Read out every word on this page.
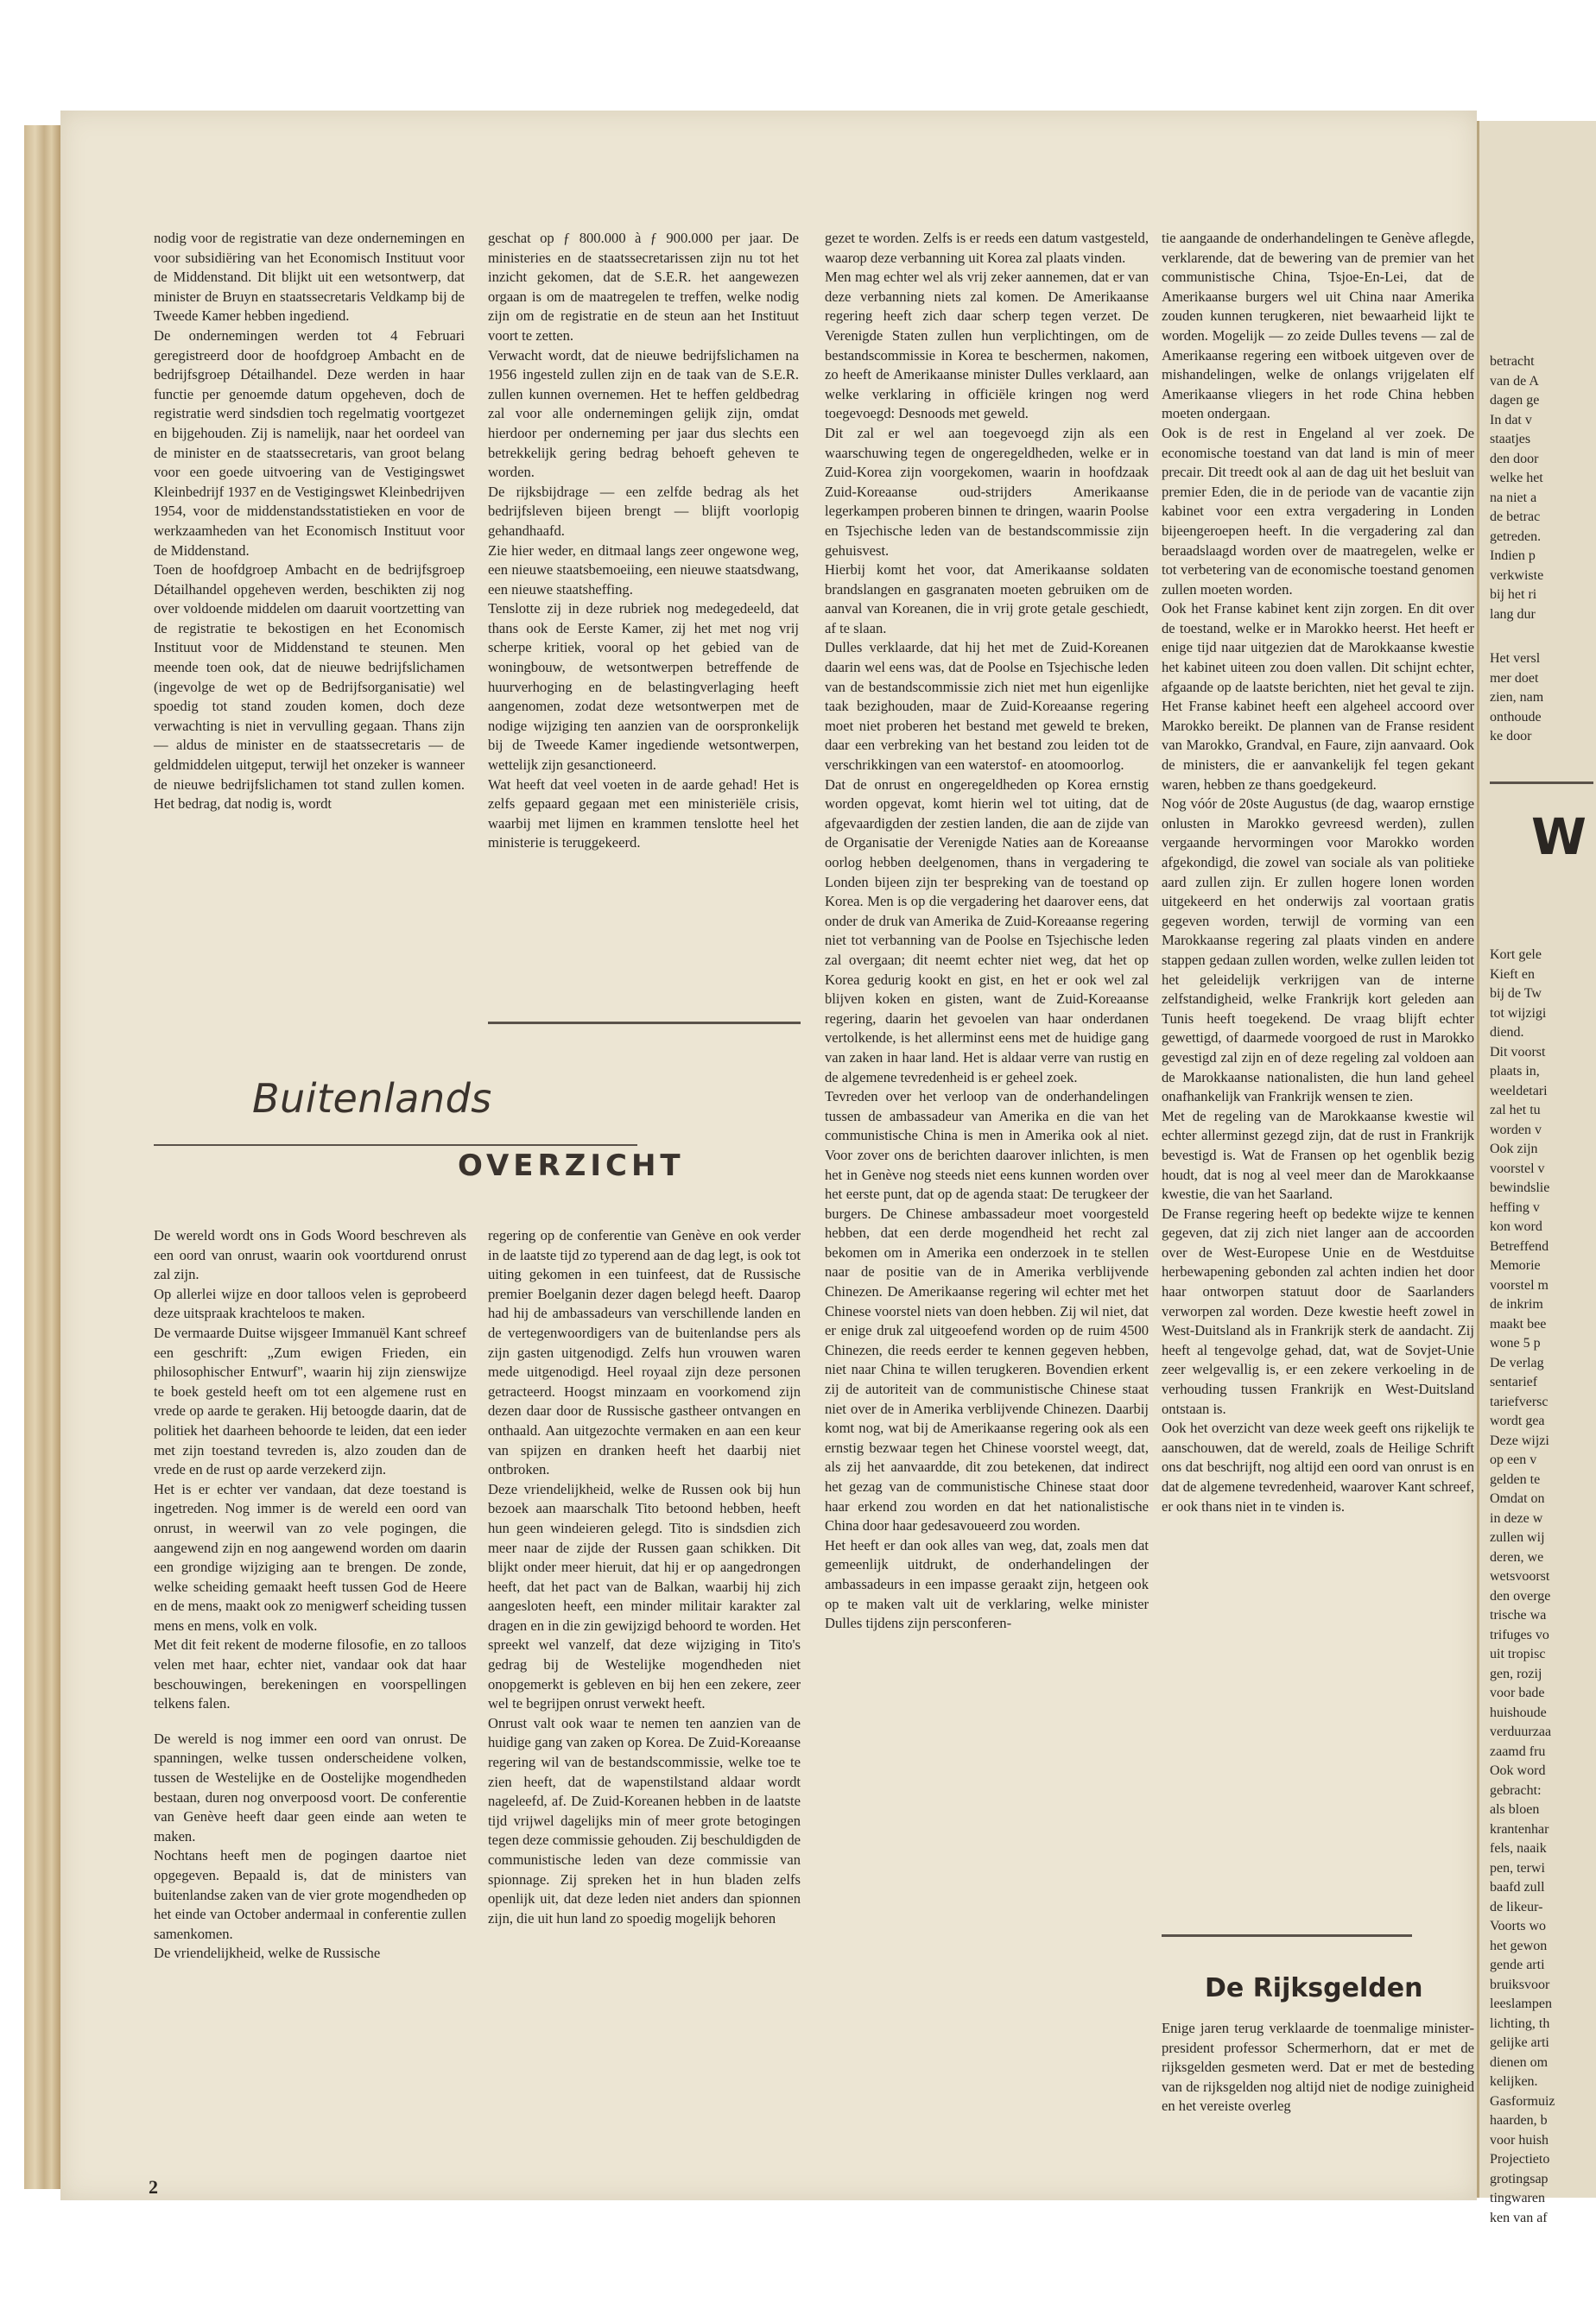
nodig voor de registratie van deze ondernemingen en voor subsidiëring van het Economisch Instituut voor de Middenstand. Dit blijkt uit een wetsontwerp, dat minister de Bruyn en staatssecretaris Veldkamp bij de Tweede Kamer hebben ingediend.

De ondernemingen werden tot 4 Februari geregistreerd door de hoofdgroep Ambacht en de bedrijfsgroep Détailhandel. Deze werden in haar functie per genoemde datum opgeheven, doch de registratie werd sindsdien toch regelmatig voortgezet en bijgehouden. Zij is namelijk, naar het oordeel van de minister en de staatssecretaris, van groot belang voor een goede uitvoering van de Vestigingswet Kleinbedrijf 1937 en de Vestigingswet Kleinbedrijven 1954, voor de middenstandsstatistieken en voor de werkzaamheden van het Economisch Instituut voor de Middenstand.

Toen de hoofdgroep Ambacht en de bedrijfsgroep Détailhandel opgeheven werden, beschikten zij nog over voldoende middelen om daaruit voortzetting van de registratie te bekostigen en het Economisch Instituut voor de Middenstand te steunen. Men meende toen ook, dat de nieuwe bedrijfslichamen (ingevolge de wet op de Bedrijfsorganisatie) wel spoedig tot stand zouden komen, doch deze verwachting is niet in vervulling gegaan. Thans zijn — aldus de minister en de staatssecretaris — de geldmiddelen uitgeput, terwijl het onzeker is wanneer de nieuwe bedrijfslichamen tot stand zullen komen. Het bedrag, dat nodig is, wordt

geschat op ƒ 800.000 à ƒ 900.000 per jaar. De ministeries en de staatssecretarissen zijn nu tot het inzicht gekomen, dat de S.E.R. het aangewezen orgaan is om de maatregelen te treffen, welke nodig zijn om de registratie en de steun aan het Instituut voort te zetten.

Verwacht wordt, dat de nieuwe bedrijfslichamen na 1956 ingesteld zullen zijn en de taak van de S.E.R. zullen kunnen overnemen. Het te heffen geldbedrag zal voor alle ondernemingen gelijk zijn, omdat hierdoor per onderneming per jaar dus slechts een betrekkelijk gering bedrag behoeft geheven te worden.

De rijksbijdrage — een zelfde bedrag als het bedrijfsleven bijeen brengt — blijft voorlopig gehandhaafd.

Zie hier weder, en ditmaal langs zeer ongewone weg, een nieuwe staatsbemoeiing, een nieuwe staatsdwang, een nieuwe staatsheffing.

Tenslotte zij in deze rubriek nog medegedeeld, dat thans ook de Eerste Kamer, zij het met nog vrij scherpe kritiek, vooral op het gebied van de woningbouw, de wetsontwerpen betreffende de huurverhoging en de belastingverlaging heeft aangenomen, zodat deze wetsontwerpen met de nodige wijziging ten aanzien van de oorspronkelijk bij de Tweede Kamer ingediende wetsontwerpen, wettelijk zijn gesanctioneerd.

Wat heeft dat veel voeten in de aarde gehad! Het is zelfs gepaard gegaan met een ministeriële crisis, waarbij met lijmen en krammen tenslotte heel het ministerie is teruggekeerd.

gezet te worden. Zelfs is er reeds een datum vastgesteld, waarop deze verbanning uit Korea zal plaats vinden.

Men mag echter wel als vrij zeker aannemen, dat er van deze verbanning niets zal komen. De Amerikaanse regering heeft zich daar scherp tegen verzet. De Verenigde Staten zullen hun verplichtingen, om de bestandscommissie in Korea te beschermen, nakomen, zo heeft de Amerikaanse minister Dulles verklaard, aan welke verklaring in officiële kringen nog werd toegevoegd: Desnoods met geweld.

Dit zal er wel aan toegevoegd zijn als een waarschuwing tegen de ongeregeldheden, welke er in Zuid-Korea zijn voorgekomen, waarin in hoofdzaak Zuid-Koreaanse oud-strijders Amerikaanse legerkampen proberen binnen te dringen, waarin Poolse en Tsjechische leden van de bestandscommissie zijn gehuisvest.

Hierbij komt het voor, dat Amerikaanse soldaten brandslangen en gasgranaten moeten gebruiken om de aanval van Koreanen, die in vrij grote getale geschiedt, af te slaan.

Dulles verklaarde, dat hij het met de Zuid-Koreanen daarin wel eens was, dat de Poolse en Tsjechische leden van de bestandscommissie zich niet met hun eigenlijke taak bezighouden, maar de Zuid-Koreaanse regering moet niet proberen het bestand met geweld te breken, daar een verbreking van het bestand zou leiden tot de verschrikkingen van een waterstof- en atoomoorlog.

Dat de onrust en ongeregeldheden op Korea ernstig worden opgevat, komt hierin wel tot uiting, dat de afgevaardigden der zestien landen, die aan de zijde van de Organisatie der Verenigde Naties aan de Koreaanse oorlog hebben deelgenomen, thans in vergadering te Londen bijeen zijn ter bespreking van de toestand op Korea. Men is op die vergadering het daarover eens, dat onder de druk van Amerika de Zuid-Koreaanse regering niet tot verbanning van de Poolse en Tsjechische leden zal overgaan; dit neemt echter niet weg, dat het op Korea gedurig kookt en gist, en het er ook wel zal blijven koken en gisten, want de Zuid-Koreaanse regering, daarin het gevoelen van haar onderdanen vertolkende, is het allerminst eens met de huidige gang van zaken in haar land. Het is aldaar verre van rustig en de algemene tevredenheid is er geheel zoek.

Tevreden over het verloop van de onderhandelingen tussen de ambassadeur van Amerika en die van het communistische China is men in Amerika ook al niet. Voor zover ons de berichten daarover inlichten, is men het in Genève nog steeds niet eens kunnen worden over het eerste punt, dat op de agenda staat: De terugkeer der burgers. De Chinese ambassadeur moet voorgesteld hebben, dat een derde mogendheid het recht zal bekomen om in Amerika een onderzoek in te stellen naar de positie van de in Amerika verblijvende Chinezen. De Amerikaanse regering wil echter met het Chinese voorstel niets van doen hebben. Zij wil niet, dat er enige druk zal uitgeoefend worden op de ruim 4500 Chinezen, die reeds eerder te kennen gegeven hebben, niet naar China te willen terugkeren. Bovendien erkent zij de autoriteit van de communistische Chinese staat niet over de in Amerika verblijvende Chinezen. Daarbij komt nog, wat bij de Amerikaanse regering ook als een ernstig bezwaar tegen het Chinese voorstel weegt, dat, als zij het aanvaardde, dit zou betekenen, dat indirect het gezag van de communistische Chinese staat door haar erkend zou worden en dat het nationalistische China door haar gedesavoueerd zou worden.

Het heeft er dan ook alles van weg, dat, zoals men dat gemeenlijk uitdrukt, de onderhandelingen der ambassadeurs in een impasse geraakt zijn, hetgeen ook op te maken valt uit de verklaring, welke minister Dulles tijdens zijn persconferen-

tie aangaande de onderhandelingen te Genève aflegde, verklarende, dat de bewering van de premier van het communistische China, Tsjoe-En-Lei, dat de Amerikaanse burgers wel uit China naar Amerika zouden kunnen terugkeren, niet bewaarheid lijkt te worden. Mogelijk — zo zeide Dulles tevens — zal de Amerikaanse regering een witboek uitgeven over de mishandelingen, welke de onlangs vrijgelaten elf Amerikaanse vliegers in het rode China hebben moeten ondergaan.

Ook is de rest in Engeland al ver zoek. De economische toestand van dat land is min of meer precair. Dit treedt ook al aan de dag uit het besluit van premier Eden, die in de periode van de vacantie zijn kabinet voor een extra vergadering in Londen bijeengeroepen heeft. In die vergadering zal dan beraadslaagd worden over de maatregelen, welke er tot verbetering van de economische toestand genomen zullen moeten worden.

Ook het Franse kabinet kent zijn zorgen. En dit over de toestand, welke er in Marokko heerst. Het heeft er enige tijd naar uitgezien dat de Marokkaanse kwestie het kabinet uiteen zou doen vallen. Dit schijnt echter, afgaande op de laatste berichten, niet het geval te zijn. Het Franse kabinet heeft een algeheel accoord over Marokko bereikt. De plannen van de Franse resident van Marokko, Grandval, en Faure, zijn aanvaard. Ook de ministers, die er aanvankelijk fel tegen gekant waren, hebben ze thans goedgekeurd.

Nog vóór de 20ste Augustus (de dag, waarop ernstige onlusten in Marokko gevreesd werden), zullen vergaande hervormingen voor Marokko worden afgekondigd, die zowel van sociale als van politieke aard zullen zijn. Er zullen hogere lonen worden uitgekeerd en het onderwijs zal voortaan gratis gegeven worden, terwijl de vorming van een Marokkaanse regering zal plaats vinden en andere stappen gedaan zullen worden, welke zullen leiden tot het geleidelijk verkrijgen van de interne zelfstandigheid, welke Frankrijk kort geleden aan Tunis heeft toegekend. De vraag blijft echter gewettigd, of daarmede voorgoed de rust in Marokko gevestigd zal zijn en of deze regeling zal voldoen aan de Marokkaanse nationalisten, die hun land geheel onafhankelijk van Frankrijk wensen te zien.

Met de regeling van de Marokkaanse kwestie wil echter allerminst gezegd zijn, dat de rust in Frankrijk bevestigd is. Wat de Fransen op het ogenblik bezig houdt, dat is nog al veel meer dan de Marokkaanse kwestie, die van het Saarland.

De Franse regering heeft op bedekte wijze te kennen gegeven, dat zij zich niet langer aan de accoorden over de West-Europese Unie en de Westduitse herbewapening gebonden zal achten indien het door haar ontworpen statuut door de Saarlanders verworpen zal worden. Deze kwestie heeft zowel in West-Duitsland als in Frankrijk sterk de aandacht. Zij heeft al tengevolge gehad, dat, wat de Sovjet-Unie zeer welgevallig is, er een zekere verkoeling in de verhouding tussen Frankrijk en West-Duitsland ontstaan is.

Ook het overzicht van deze week geeft ons rijkelijk te aanschouwen, dat de wereld, zoals de Heilige Schrift ons dat beschrijft, nog altijd een oord van onrust is en dat de algemene tevredenheid, waarover Kant schreef, er ook thans niet in te vinden is.

Buitenlands
OVERZICHT

De wereld wordt ons in Gods Woord beschreven als een oord van onrust, waarin ook voortdurend onrust zal zijn.

Op allerlei wijze en door talloos velen is geprobeerd deze uitspraak krachteloos te maken.

De vermaarde Duitse wijsgeer Immanuël Kant schreef een geschrift: „Zum ewigen Frieden, ein philosophischer Entwurf", waarin hij zijn zienswijze te boek gesteld heeft om tot een algemene rust en vrede op aarde te geraken. Hij betoogde daarin, dat de politiek het daarheen behoorde te leiden, dat een ieder met zijn toestand tevreden is, alzo zouden dan de vrede en de rust op aarde verzekerd zijn.

Het is er echter ver vandaan, dat deze toestand is ingetreden. Nog immer is de wereld een oord van onrust, in weerwil van zo vele pogingen, die aangewend zijn en nog aangewend worden om daarin een grondige wijziging aan te brengen. De zonde, welke scheiding gemaakt heeft tussen God de Heere en de mens, maakt ook zo menigwerf scheiding tussen mens en mens, volk en volk.

Met dit feit rekent de moderne filosofie, en zo talloos velen met haar, echter niet, vandaar ook dat haar beschouwingen, berekeningen en voorspellingen telkens falen.

De wereld is nog immer een oord van onrust. De spanningen, welke tussen onderscheidene volken, tussen de Westelijke en de Oostelijke mogendheden bestaan, duren nog onverpoosd voort. De conferentie van Genève heeft daar geen einde aan weten te maken.

Nochtans heeft men de pogingen daartoe niet opgegeven. Bepaald is, dat de ministers van buitenlandse zaken van de vier grote mogendheden op het einde van October andermaal in conferentie zullen samenkomen.

De vriendelijkheid, welke de Russische

regering op de conferentie van Genève en ook verder in de laatste tijd zo typerend aan de dag legt, is ook tot uiting gekomen in een tuinfeest, dat de Russische premier Boelganin dezer dagen belegd heeft. Daarop had hij de ambassadeurs van verschillende landen en de vertegenwoordigers van de buitenlandse pers als zijn gasten uitgenodigd. Zelfs hun vrouwen waren mede uitgenodigd. Heel royaal zijn deze personen getracteerd. Hoogst minzaam en voorkomend zijn dezen daar door de Russische gastheer ontvangen en onthaald. Aan uitgezochte vermaken en aan een keur van spijzen en dranken heeft het daarbij niet ontbroken.

Deze vriendelijkheid, welke de Russen ook bij hun bezoek aan maarschalk Tito betoond hebben, heeft hun geen windeieren gelegd. Tito is sindsdien zich meer naar de zijde der Russen gaan schikken. Dit blijkt onder meer hieruit, dat hij er op aangedrongen heeft, dat het pact van de Balkan, waarbij hij zich aangesloten heeft, een minder militair karakter zal dragen en in die zin gewijzigd behoord te worden. Het spreekt wel vanzelf, dat deze wijziging in Tito's gedrag bij de Westelijke mogendheden niet onopgemerkt is gebleven en bij hen een zekere, zeer wel te begrijpen onrust verwekt heeft.

Onrust valt ook waar te nemen ten aanzien van de huidige gang van zaken op Korea. De Zuid-Koreaanse regering wil van de bestandscommissie, welke toe te zien heeft, dat de wapenstilstand aldaar wordt nageleefd, af. De Zuid-Koreanen hebben in de laatste tijd vrijwel dagelijks min of meer grote betogingen tegen deze commissie gehouden. Zij beschuldigden de communistische leden van deze commissie van spionnage. Zij spreken het in hun bladen zelfs openlijk uit, dat deze leden niet anders dan spionnen zijn, die uit hun land zo spoedig mogelijk behoren

De Rijksgelden

Enige jaren terug verklaarde de toenmalige minister-president professor Schermerhorn, dat er met de rijksgelden gesmeten werd. Dat er met de besteding van de rijksgelden nog altijd niet de nodige zuinigheid en het vereiste overleg

2
betracht
van de A
dagen ge
In dat v
staatjes
den door
welke het
na niet a
de betrac
getreden.
Indien p
verkwiste
bij het ri
lang dur
Het versl
mer doet
zien, nam
onthoude
ke door
W
Kort gele
Kieft en
bij de Tw
tot wijzigi
diend.
Dit voorst
plaats in,
weeldetari
zal het tu
worden v
Ook zijn
voorstel v
bewindslie
heffing v
kon word
Betreffend
Memorie
voorstel m
de inkrim
maakt bee
wone 5 p
De verlag
sentarief
tariefversc
wordt gea
Deze wijzi
op een v
gelden te
Omdat on
in deze w
zullen wij
deren, we
wetsvoorst
den overge
trische wa
trifuges vo
uit tropisc
gen, rozij
voor bade
huishoude
verduurzaa
zaamd fru
Ook word
gebracht:
als bloen
krantenhar
fels, naaik
pen, terwi
baafd zull
de likeur-
Voorts wo
het gewon
gende arti
bruiksvoor
leeslampen
lichting, th
gelijke arti
dienen om
kelijken.
Gasformuiz
haarden, b
voor huish
Projectieto
grotingsap
tingwaren
ken van af
